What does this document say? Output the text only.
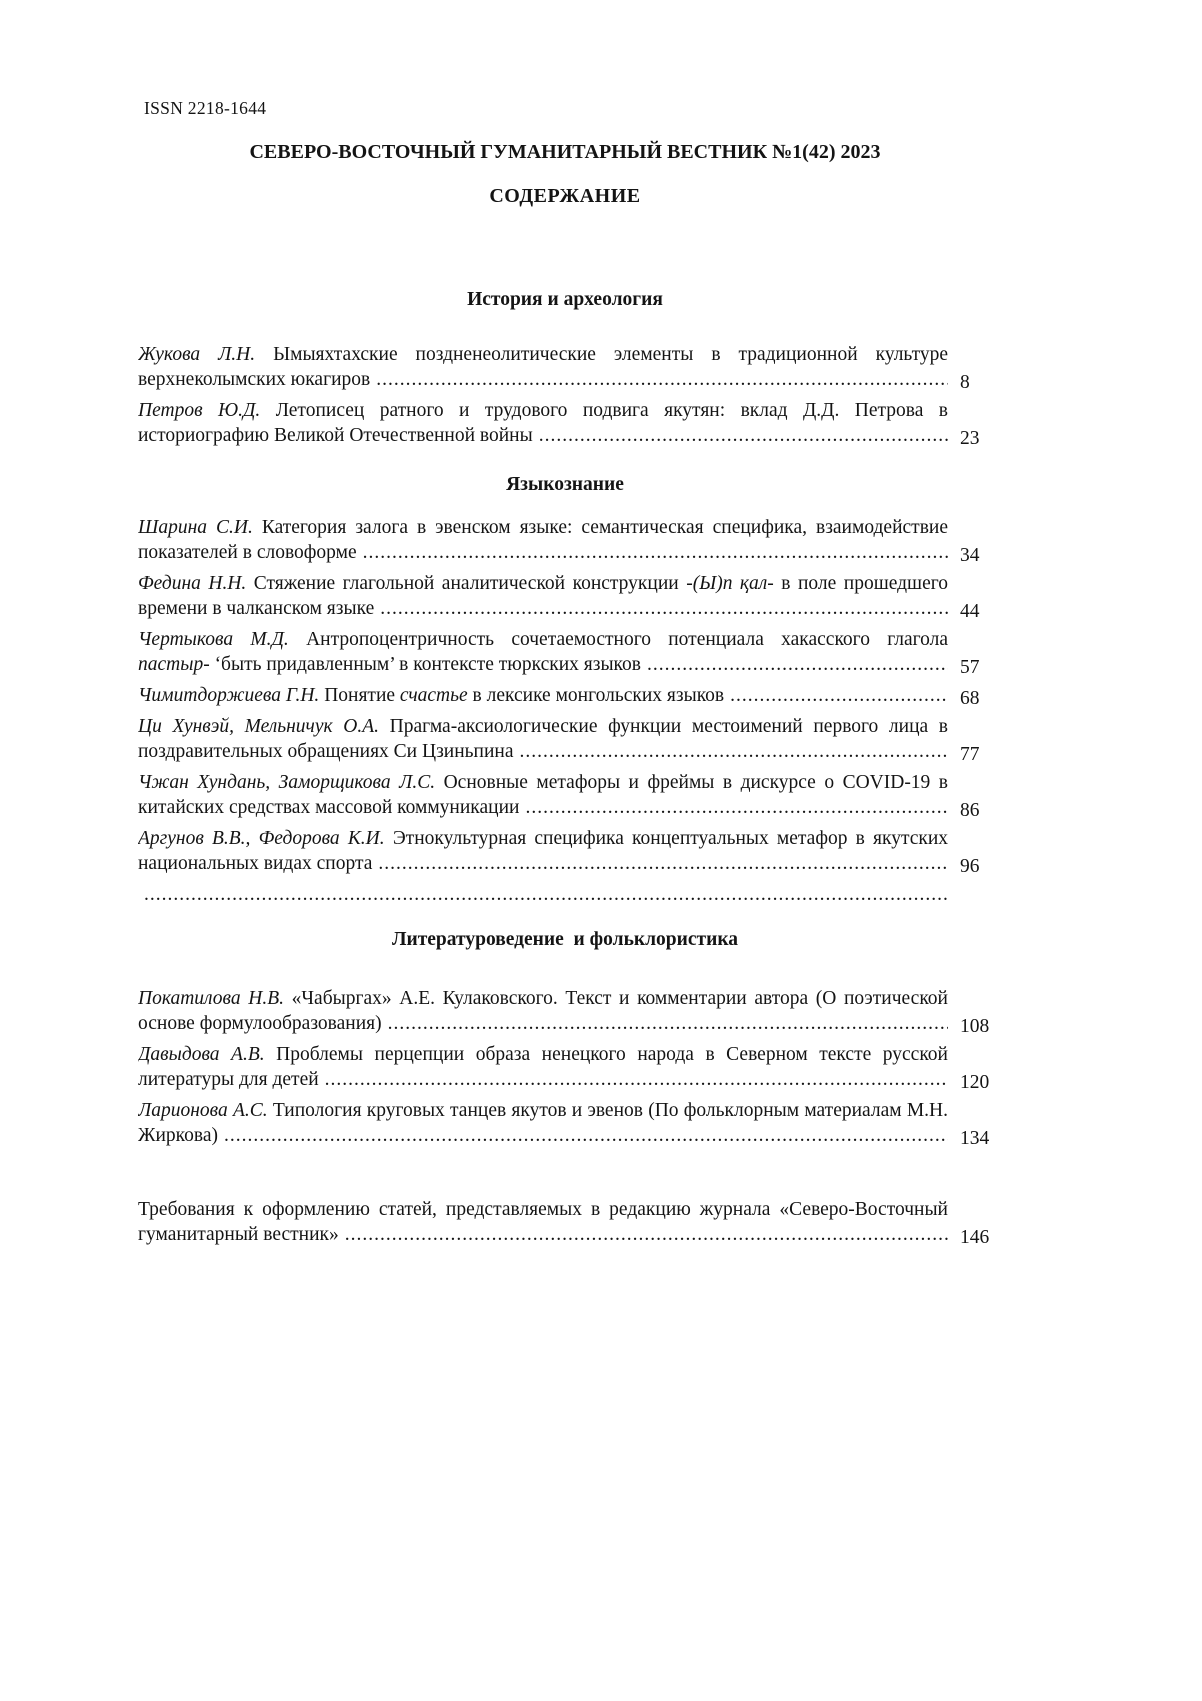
ISSN 2218-1644
СЕВЕРО-ВОСТОЧНЫЙ ГУМАНИТАРНЫЙ ВЕСТНИК №1(42) 2023
СОДЕРЖАНИЕ
История и археология
Жукова Л.Н. Ымыяхтахские поздненеолитические элементы в традиционной культуре верхнеколымских юкагиров	8
Петров Ю.Д. Летописец ратного и трудового подвига якутян: вклад Д.Д. Петрова в историографию Великой Отечественной войны	23
Языкознание
Шарина С.И. Категория залога в эвенском языке: семантическая специфика, взаимодействие показателей в словоформе	34
Федина Н.Н. Стяжение глагольной аналитической конструкции -(Ы)п қал- в поле прошедшего времени в чалканском языке	44
Чертыкова М.Д. Антропоцентричность сочетаемостного потенциала хакасского глагола пастыр- ‘быть придавленным’ в контексте тюркских языков	57
Чимитдоржиева Г.Н. Понятие счастье в лексике монгольских языков	68
Ци Хунвэй, Мельничук О.А. Прагма-аксиологические функции местоимений первого лица в поздравительных обращениях Си Цзиньпина	77
Чжан Хундань, Заморщикова Л.С. Основные метафоры и фреймы в дискурсе о COVID-19 в китайских средствах массовой коммуникации	86
Аргунов В.В., Федорова К.И. Этнокультурная специфика концептуальных метафор в якутских национальных видах спорта	96
Литературоведение  и фольклористика
Покатилова Н.В. «Чабыргах» А.Е. Кулаковского. Текст и комментарии автора (О поэтической основе формулообразования)	108
Давыдова А.В. Проблемы перцепции образа ненецкого народа в Северном тексте русской литературы для детей	120
Ларионова А.С. Типология круговых танцев якутов и эвенов (По фольклорным материалам М.Н. Жиркова)	134
Требования к оформлению статей, представляемых в редакцию журнала «Северо-Восточный гуманитарный вестник»	146
